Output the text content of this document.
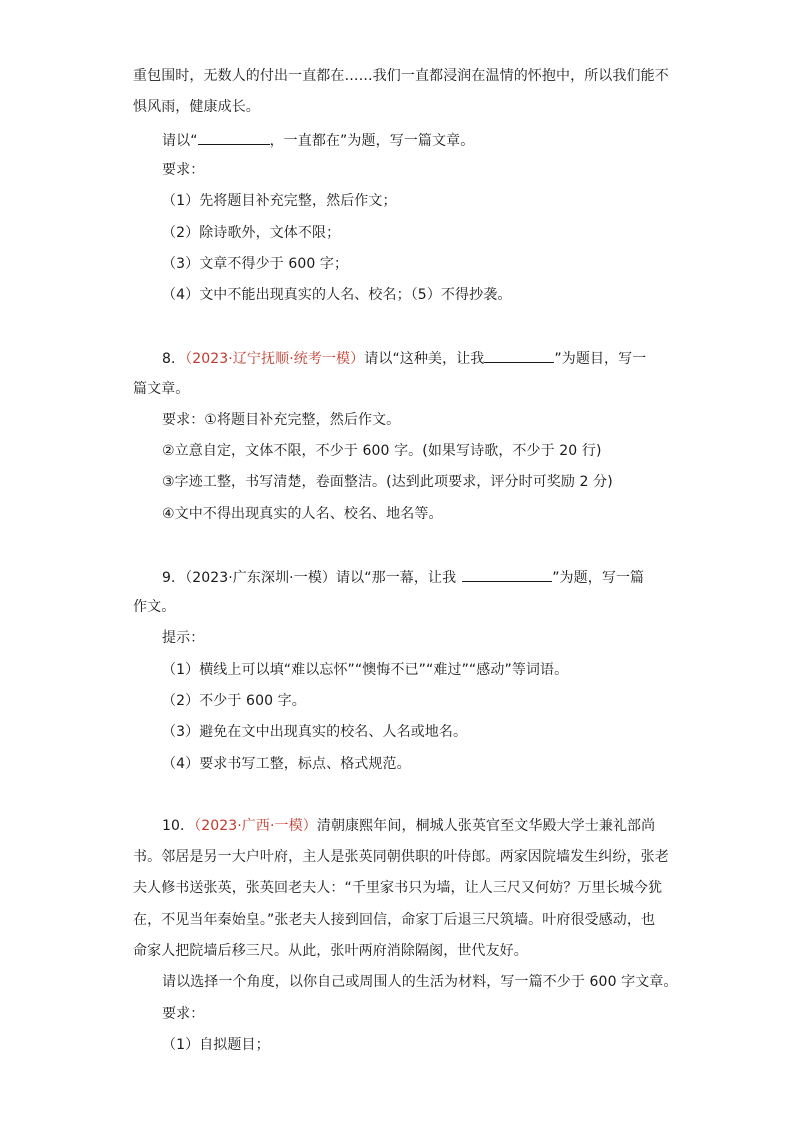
重包围时，无数人的付出一直都在……我们一直都浸润在温情的怀抱中，所以我们能不
惧风雨，健康成长。
请以“	，一直都在”为题，写一篇文章。
要求：
（1）先将题目补充完整，然后作文；
（2）除诗歌外，文体不限；
（3）文章不得少于 600 字；
（4）文中不能出现真实的人名、校名；（5）不得抄袭。
8．（2023·辽宁抚顺·统考一模）请以“这种美，让我	”为题目，写一
篇文章。
要求：①将题目补充完整，然后作文。
②立意自定，文体不限，不少于 600 字。(如果写诗歌，不少于 20 行)
③字迹工整，书写清楚，卷面整洁。(达到此项要求，评分时可奖励 2 分)
④文中不得出现真实的人名、校名、地名等。
9．（2023·广东深圳·一模）请以“那一幕，让我	”为题，写一篇
作文。
提示：
（1）横线上可以填“难以忘怀”“懊悔不已”“难过”“感动”等词语。
（2）不少于 600 字。
（3）避免在文中出现真实的校名、人名或地名。
（4）要求书写工整，标点、格式规范。
10．（2023·广西·一模）清朝康熙年间，桐城人张英官至文华殿大学士兼礼部尚
书。邻居是另一大户叶府，主人是张英同朝供职的叶侍郎。两家因院墙发生纠纷，张老
夫人修书送张英，张英回老夫人：“千里家书只为墙，让人三尺又何妨？万里长城今犹
在，不见当年秦始皇。”张老夫人接到回信，命家丁后退三尺筑墙。叶府很受感动，也
命家人把院墙后移三尺。从此，张叶两府消除隔阂，世代友好。
请以选择一个角度，以你自己或周围人的生活为材料，写一篇不少于 600 字文章。
要求：
（1）自拟题目；
